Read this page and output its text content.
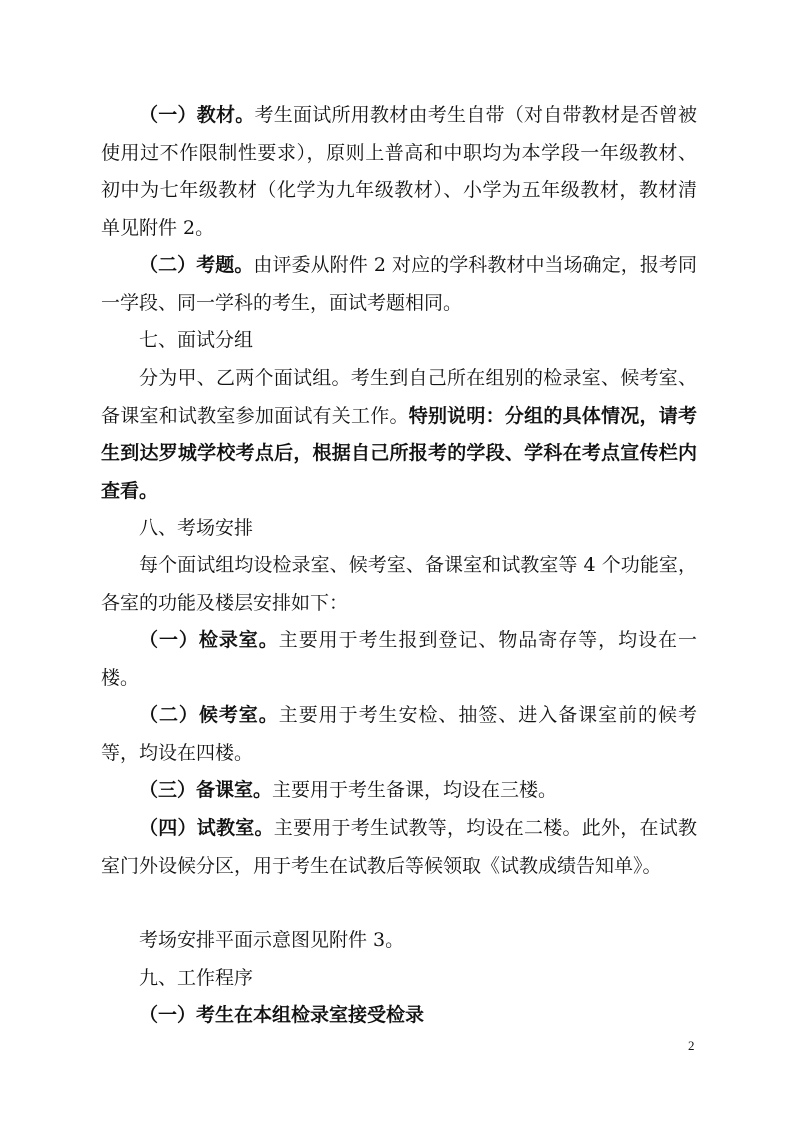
（一）教材。考生面试所用教材由考生自带（对自带教材是否曾被使用过不作限制性要求），原则上普高和中职均为本学段一年级教材、初中为七年级教材（化学为九年级教材）、小学为五年级教材，教材清单见附件 2。

（二）考题。由评委从附件 2 对应的学科教材中当场确定，报考同一学段、同一学科的考生，面试考题相同。

七、面试分组

分为甲、乙两个面试组。考生到自己所在组别的检录室、候考室、备课室和试教室参加面试有关工作。特别说明：分组的具体情况，请考生到达罗城学校考点后，根据自己所报考的学段、学科在考点宣传栏内查看。

八、考场安排

每个面试组均设检录室、候考室、备课室和试教室等 4 个功能室，各室的功能及楼层安排如下：

（一）检录室。主要用于考生报到登记、物品寄存等，均设在一楼。

（二）候考室。主要用于考生安检、抽签、进入备课室前的候考等，均设在四楼。

（三）备课室。主要用于考生备课，均设在三楼。

（四）试教室。主要用于考生试教等，均设在二楼。此外，在试教室门外设候分区，用于考生在试教后等候领取《试教成绩告知单》。

考场安排平面示意图见附件 3。

九、工作程序

（一）考生在本组检录室接受检录

2
